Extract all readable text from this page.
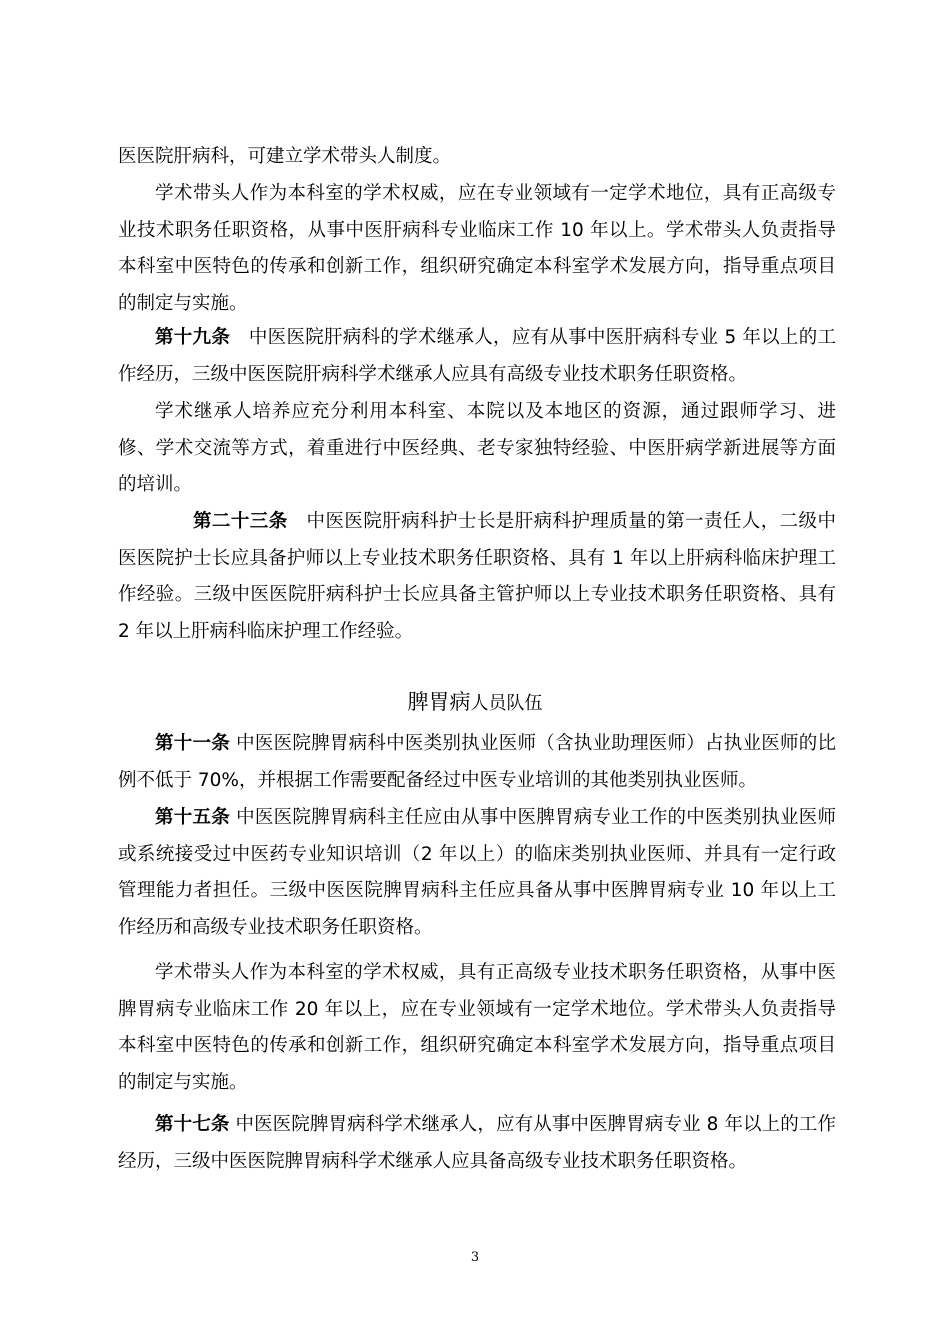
医医院肝病科，可建立学术带头人制度。

学术带头人作为本科室的学术权威，应在专业领域有一定学术地位，具有正高级专业技术职务任职资格，从事中医肝病科专业临床工作 10 年以上。学术带头人负责指导本科室中医特色的传承和创新工作，组织研究确定本科室学术发展方向，指导重点项目的制定与实施。

第十九条  中医医院肝病科的学术继承人，应有从事中医肝病科专业 5 年以上的工作经历，三级中医医院肝病科学术继承人应具有高级专业技术职务任职资格。

学术继承人培养应充分利用本科室、本院以及本地区的资源，通过跟师学习、进修、学术交流等方式，着重进行中医经典、老专家独特经验、中医肝病学新进展等方面的培训。

第二十三条  中医医院肝病科护士长是肝病科护理质量的第一责任人，二级中医医院护士长应具备护师以上专业技术职务任职资格、具有 1 年以上肝病科临床护理工作经验。三级中医医院肝病科护士长应具备主管护师以上专业技术职务任职资格、具有 2 年以上肝病科临床护理工作经验。

脾胃病人员队伍

第十一条 中医医院脾胃病科中医类别执业医师（含执业助理医师）占执业医师的比例不低于 70%，并根据工作需要配备经过中医专业培训的其他类别执业医师。

第十五条 中医医院脾胃病科主任应由从事中医脾胃病专业工作的中医类别执业医师或系统接受过中医药专业知识培训（2 年以上）的临床类别执业医师、并具有一定行政管理能力者担任。三级中医医院脾胃病科主任应具备从事中医脾胃病专业 10 年以上工作经历和高级专业技术职务任职资格。

学术带头人作为本科室的学术权威，具有正高级专业技术职务任职资格，从事中医脾胃病专业临床工作 20 年以上，应在专业领域有一定学术地位。学术带头人负责指导本科室中医特色的传承和创新工作，组织研究确定本科室学术发展方向，指导重点项目的制定与实施。

第十七条 中医医院脾胃病科学术继承人，应有从事中医脾胃病专业 8 年以上的工作经历，三级中医医院脾胃病科学术继承人应具备高级专业技术职务任职资格。

3
